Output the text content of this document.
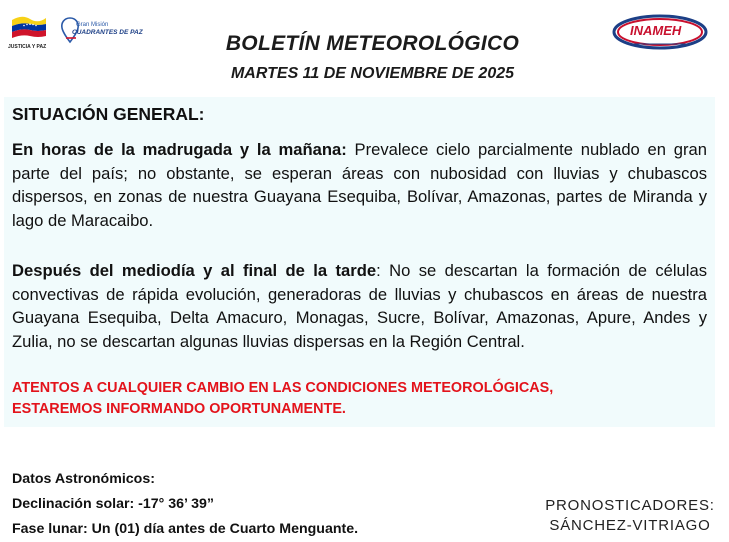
JUSTICIA Y PAZ
Gran Misión
CUADRANTES DE PAZ	INAMEH
BOLETÍN METEOROLÓGICO
MARTES 11 DE NOVIEMBRE DE 2025
SITUACIÓN GENERAL:
En horas de la madrugada y la mañana: Prevalece cielo parcialmente nublado en gran parte del país; no obstante, se esperan áreas con nubosidad con lluvias y chubascos dispersos, en zonas de nuestra Guayana Esequiba, Bolívar, Amazonas, partes de Miranda y lago de Maracaibo.
Después del mediodía y al final de la tarde: No se descartan la formación de células convectivas de rápida evolución, generadoras de lluvias y chubascos en áreas de nuestra Guayana Esequiba, Delta Amacuro, Monagas, Sucre, Bolívar, Amazonas, Apure, Andes y Zulia, no se descartan algunas lluvias dispersas en la Región Central.
ATENTOS A CUALQUIER CAMBIO EN LAS CONDICIONES METEOROLÓGICAS,
ESTAREMOS INFORMANDO OPORTUNAMENTE.
Datos Astronómicos:
Declinación solar: -17° 36’ 39”
Fase lunar: Un (01) día antes de Cuarto Menguante.
PRONOSTICADORES:
SÁNCHEZ-VITRIAGO
